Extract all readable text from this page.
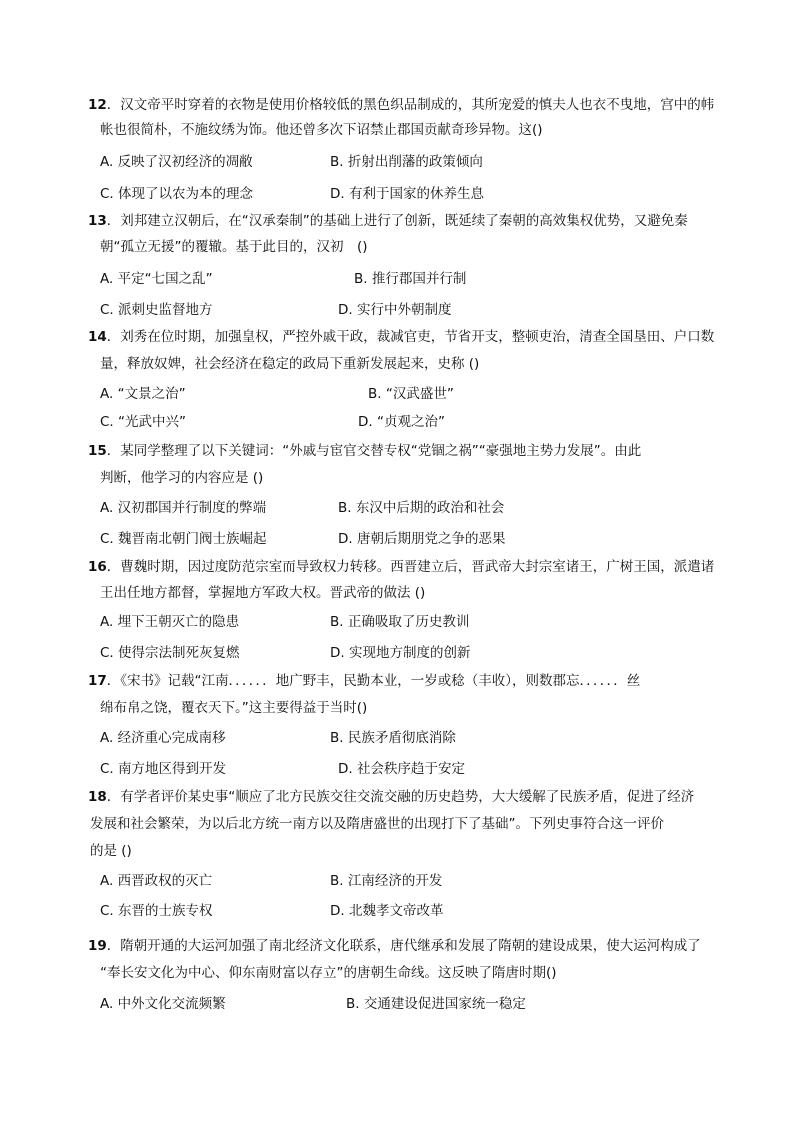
12．汉文帝平时穿着的衣物是使用价格较低的黑色织品制成的，其所宠爱的慎夫人也衣不曳地，宫中的帏
帐也很简朴，不施纹绣为饰。他还曾多次下诏禁止郡国贡献奇珍异物。这()
A. 反映了汉初经济的凋敝	B. 折射出削藩的政策倾向
C. 体现了以农为本的理念	D. 有利于国家的休养生息
13．刘邦建立汉朝后，在“汉承秦制”的基础上进行了创新，既延续了秦朝的高效集权优势，又避免秦
朝“孤立无援”的覆辙。基于此目的，汉初　()
A. 平定“七国之乱”	B. 推行郡国并行制
C. 派刺史监督地方	D. 实行中外朝制度
14．刘秀在位时期，加强皇权，严控外戚干政，裁减官吏，节省开支，整顿吏治，清查全国垦田、户口数
量，释放奴婢，社会经济在稳定的政局下重新发展起来，史称 ()
A. “文景之治”	B. “汉武盛世”
C. “光武中兴”	D. “贞观之治”
15．某同学整理了以下关键词：“外戚与宦官交替专权“党锢之祸”“豪强地主势力发展”。由此
判断，他学习的内容应是 ()
A. 汉初郡国并行制度的弊端	B. 东汉中后期的政治和社会
C. 魏晋南北朝门阀士族崛起	D. 唐朝后期朋党之争的恶果
16．曹魏时期，因过度防范宗室而导致权力转移。西晋建立后，晋武帝大封宗室诸王，广树王国，派遣诸
王出任地方都督，掌握地方军政大权。晋武帝的做法 ()
A. 埋下王朝灭亡的隐患	B. 正确吸取了历史教训
C. 使得宗法制死灰复燃	D. 实现地方制度的创新
17．《宋书》记载“江南．．．．．．地广野丰，民勤本业，一岁或稔（丰收），则数郡忘．．．．．．丝
绵布帛之饶，覆衣天下。”这主要得益于当时()
A. 经济重心完成南移	B. 民族矛盾彻底消除
C. 南方地区得到开发	D. 社会秩序趋于安定
18．有学者评价某史事“顺应了北方民族交往交流交融的历史趋势，大大缓解了民族矛盾，促进了经济
发展和社会繁荣，为以后北方统一南方以及隋唐盛世的出现打下了基础”。下列史事符合这一评价
的是 ()
A. 西晋政权的灭亡	B. 江南经济的开发
C. 东晋的士族专权	D. 北魏孝文帝改革
19．隋朝开通的大运河加强了南北经济文化联系，唐代继承和发展了隋朝的建设成果，使大运河构成了
“奉长安文化为中心、仰东南财富以存立”的唐朝生命线。这反映了隋唐时期()
A. 中外文化交流频繁	B. 交通建设促进国家统一稳定
